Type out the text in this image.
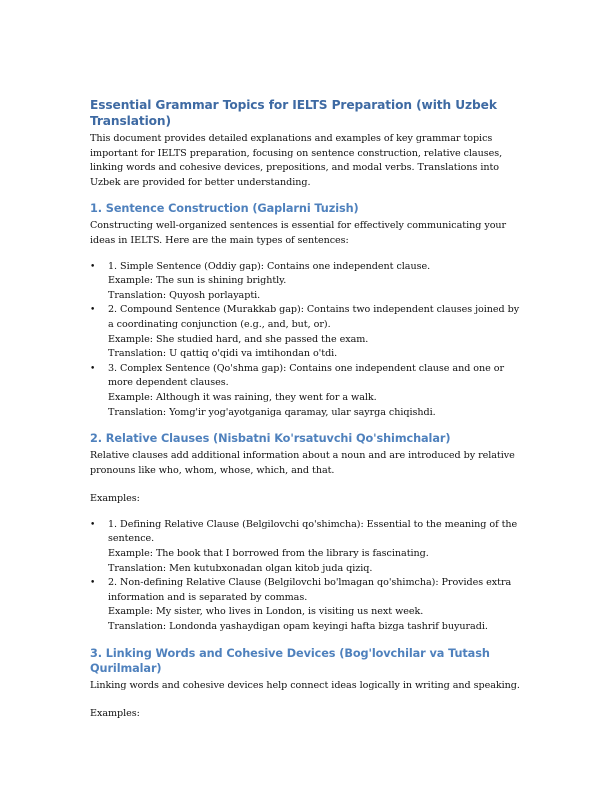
Essential Grammar Topics for IELTS Preparation (with Uzbek Translation)

This document provides detailed explanations and examples of key grammar topics important for IELTS preparation, focusing on sentence construction, relative clauses, linking words and cohesive devices, prepositions, and modal verbs. Translations into Uzbek are provided for better understanding.

1. Sentence Construction (Gaplarni Tuzish)

Constructing well-organized sentences is essential for effectively communicating your ideas in IELTS. Here are the main types of sentences:

• 1. Simple Sentence (Oddiy gap): Contains one independent clause.
Example: The sun is shining brightly.
Translation: Quyosh porlayapti.
• 2. Compound Sentence (Murakkab gap): Contains two independent clauses joined by a coordinating conjunction (e.g., and, but, or).
Example: She studied hard, and she passed the exam.
Translation: U qattiq o'qidi va imtihondan o'tdi.
• 3. Complex Sentence (Qo'shma gap): Contains one independent clause and one or more dependent clauses.
Example: Although it was raining, they went for a walk.
Translation: Yomg'ir yog'ayotganiga qaramay, ular sayrga chiqishdi.
2. Relative Clauses (Nisbatni Ko'rsatuvchi Qo'shimchalar)

Relative clauses add additional information about a noun and are introduced by relative pronouns like who, whom, whose, which, and that.

Examples:

• 1. Defining Relative Clause (Belgilovchi qo'shimcha): Essential to the meaning of the sentence.
Example: The book that I borrowed from the library is fascinating.
Translation: Men kutubxonadan olgan kitob juda qiziq.
• 2. Non-defining Relative Clause (Belgilovchi bo'lmagan qo'shimcha): Provides extra information and is separated by commas.
Example: My sister, who lives in London, is visiting us next week.
Translation: Londonda yashaydigan opam keyingi hafta bizga tashrif buyuradi.
3. Linking Words and Cohesive Devices (Bog'lovchilar va Tutash Qurilmalar)

Linking words and cohesive devices help connect ideas logically in writing and speaking.

Examples:
